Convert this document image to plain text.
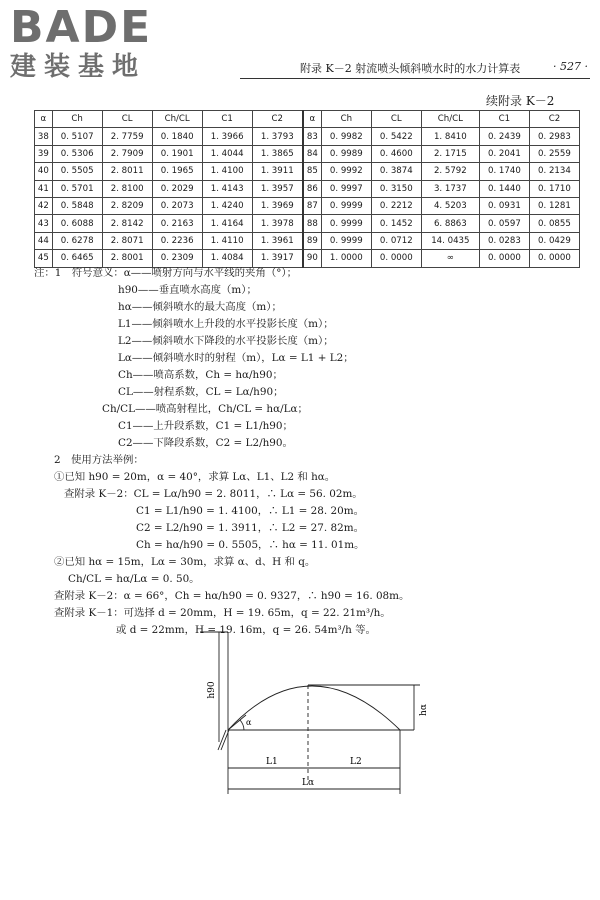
BADE
建装基地	附录 K－2 射流喷头倾斜喷水时的水力计算表	· 527 ·
续附录 K－2
α	Ch	CL	Ch/CL	C1	C2	α	Ch	CL	Ch/CL	C1	C2
38	0. 5107	2. 7759	0. 1840	1. 3966	1. 3793	83	0. 9982	0. 5422	1. 8410	0. 2439	0. 2983
39	0. 5306	2. 7909	0. 1901	1. 4044	1. 3865	84	0. 9989	0. 4600	2. 1715	0. 2041	0. 2559
40	0. 5505	2. 8011	0. 1965	1. 4100	1. 3911	85	0. 9992	0. 3874	2. 5792	0. 1740	0. 2134
41	0. 5701	2. 8100	0. 2029	1. 4143	1. 3957	86	0. 9997	0. 3150	3. 1737	0. 1440	0. 1710
42	0. 5848	2. 8209	0. 2073	1. 4240	1. 3969	87	0. 9999	0. 2212	4. 5203	0. 0931	0. 1281
43	0. 6088	2. 8142	0. 2163	1. 4164	1. 3978	88	0. 9999	0. 1452	6. 8863	0. 0597	0. 0855
44	0. 6278	2. 8071	0. 2236	1. 4110	1. 3961	89	0. 9999	0. 0712	14. 0435	0. 0283	0. 0429
45	0. 6465	2. 8001	0. 2309	1. 4084	1. 3917	90	1. 0000	0. 0000	∞	0. 0000	0. 0000
注：1　符号意义：α——喷射方向与水平线的夹角（°）；
h90——垂直喷水高度（m）；
hα——倾斜喷水的最大高度（m）；
L1——倾斜喷水上升段的水平投影长度（m）；
L2——倾斜喷水下降段的水平投影长度（m）；
Lα——倾斜喷水时的射程（m），Lα = L1 + L2；
Ch——喷高系数，Ch = hα/h90；
CL——射程系数，CL = Lα/h90；
Ch/CL——喷高射程比，Ch/CL = hα/Lα；
C1——上升段系数，C1 = L1/h90；
C2——下降段系数，C2 = L2/h90。
2　使用方法举例：
①已知 h90 = 20m，α = 40°，求算 Lα、L1、L2 和 hα。
查附录 K－2：CL = Lα/h90 = 2. 8011，∴ Lα = 56. 02m。
C1 = L1/h90 = 1. 4100，∴ L1 = 28. 20m。
C2 = L2/h90 = 1. 3911，∴ L2 = 27. 82m。
Ch = hα/h90 = 0. 5505，∴ hα = 11. 01m。
②已知 hα = 15m，Lα = 30m，求算 α、d、H 和 q。
Ch/CL = hα/Lα = 0. 50。
查附录 K－2：α = 66°，Ch = hα/h90 = 0. 9327，∴ h90 = 16. 08m。
查附录 K－1：可选择 d = 20mm，H = 19. 65m，q = 22. 21m³/h。
或 d = 22mm，H = 19. 16m，q = 26. 54m³/h 等。
h90
hα
α
L1	L2
Lα
